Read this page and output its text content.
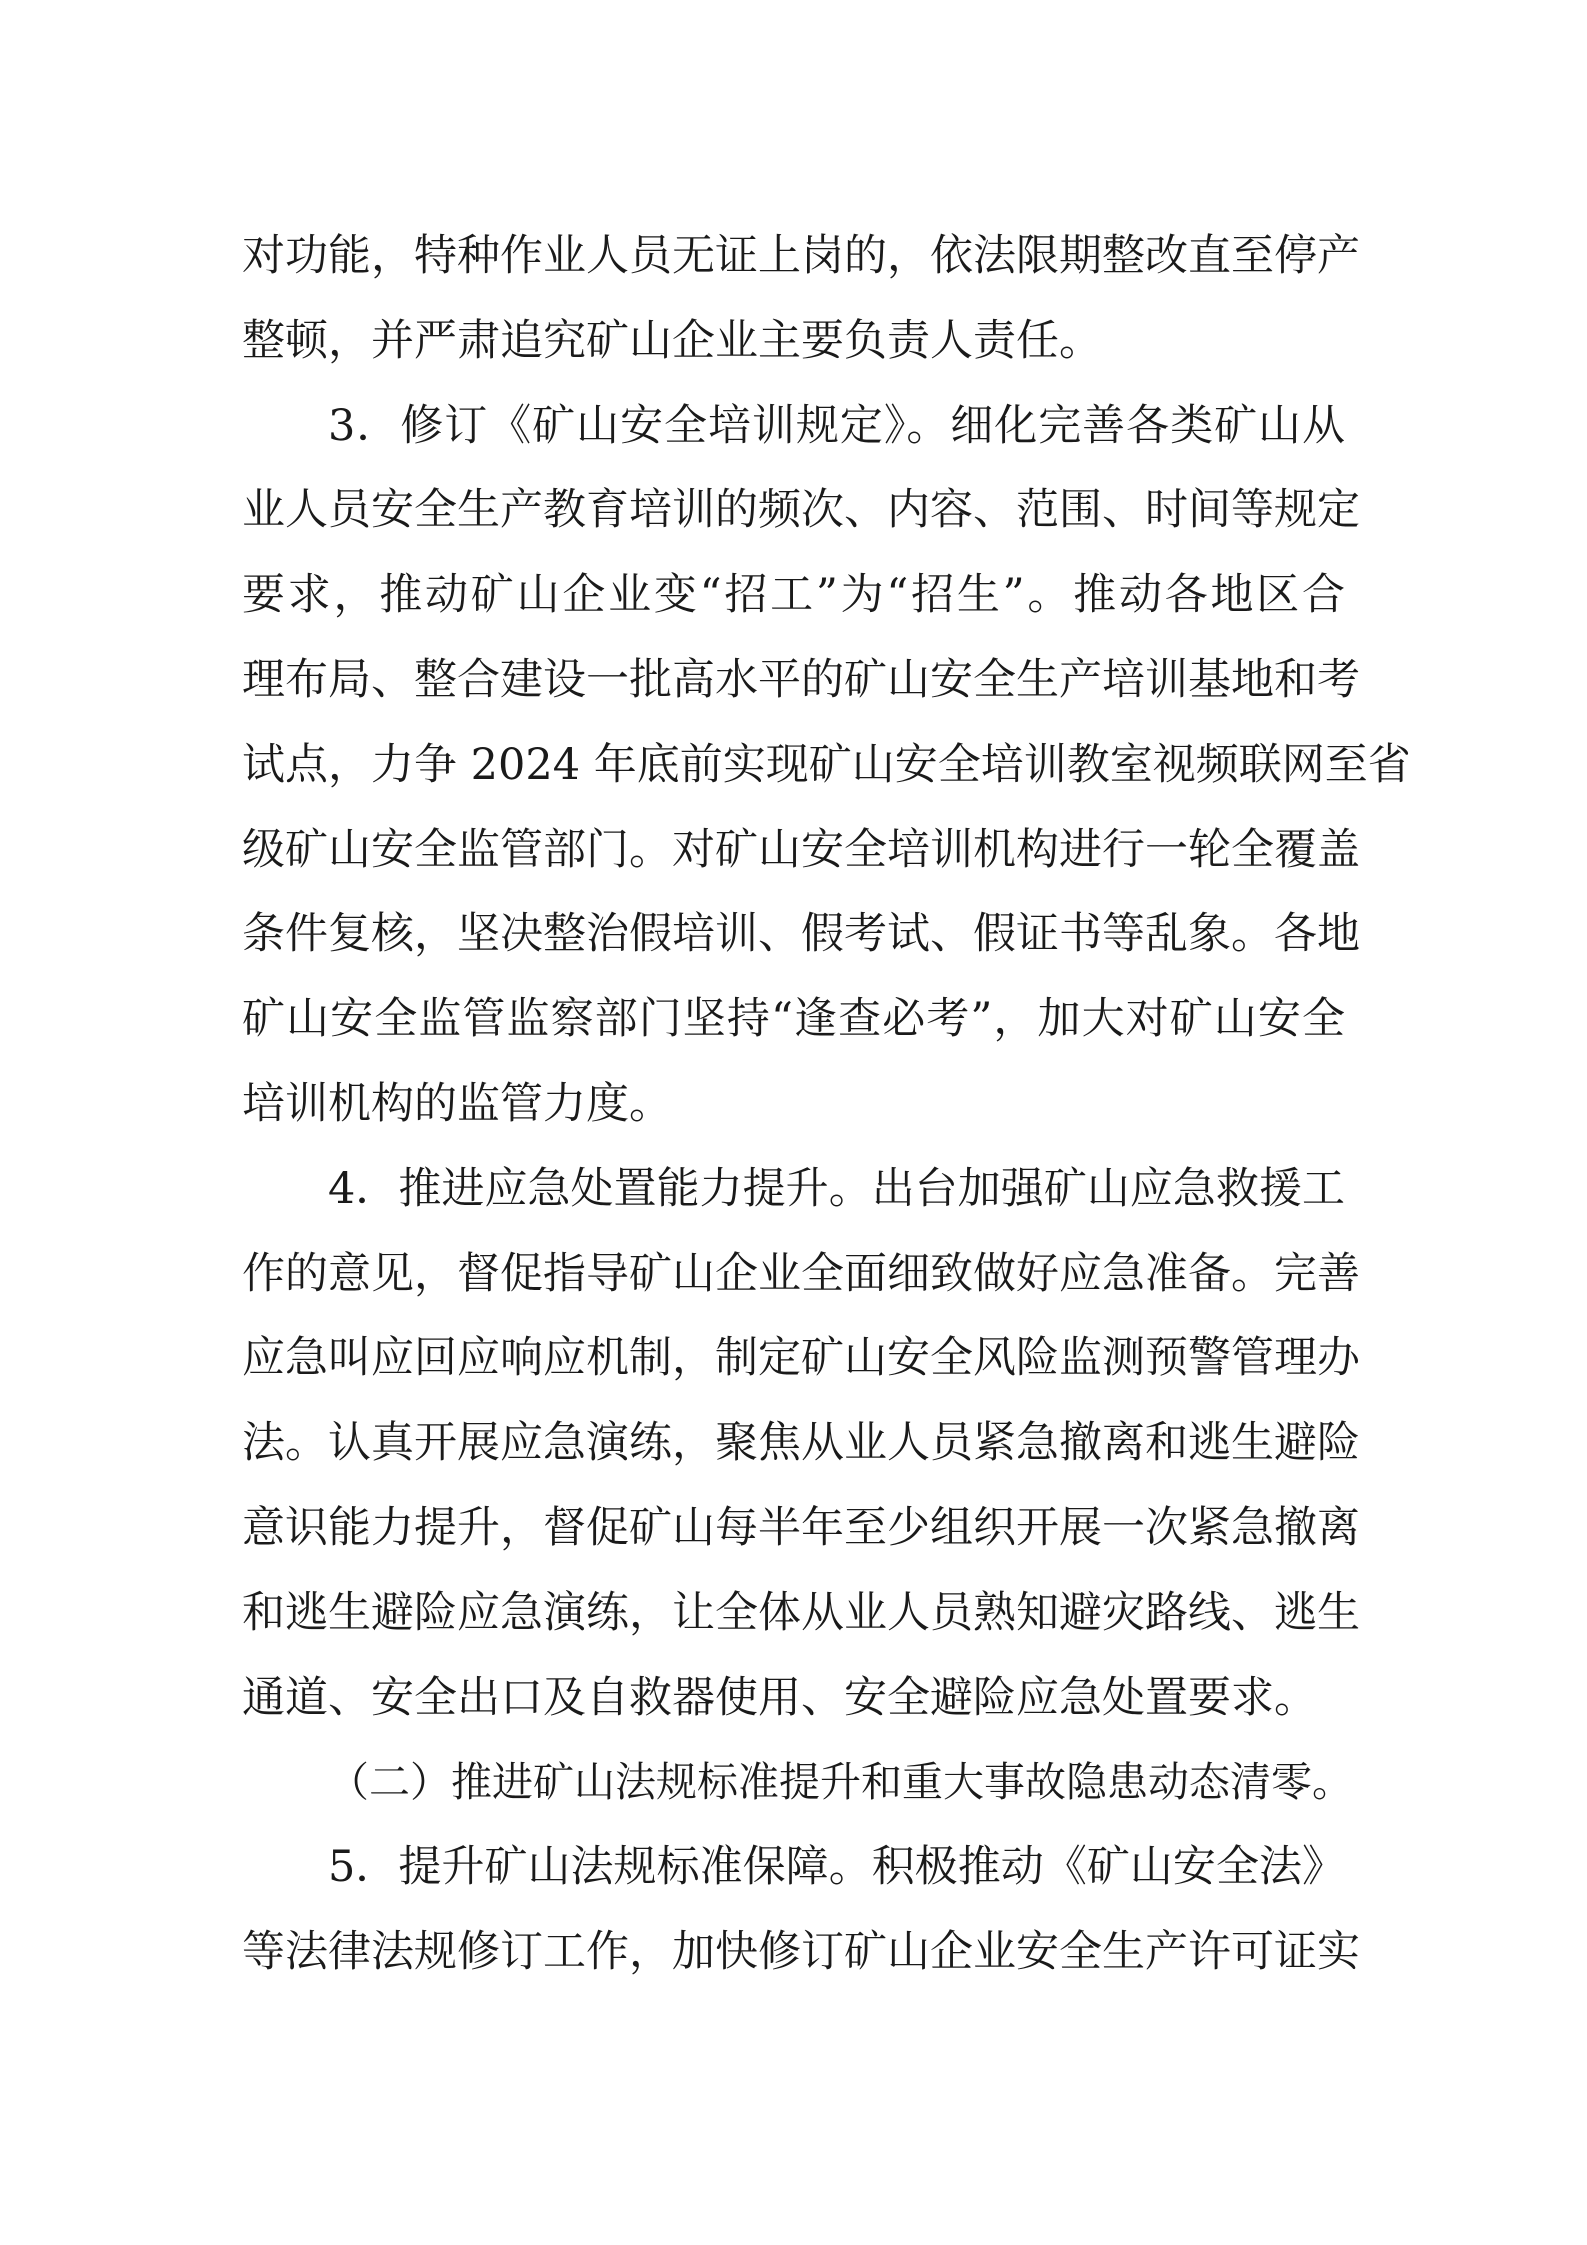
对功能，特种作业人员无证上岗的，依法限期整改直至停产
整顿，并严肃追究矿山企业主要负责人责任。
3．修订《矿山安全培训规定》。细化完善各类矿山从
业人员安全生产教育培训的频次、内容、范围、时间等规定
要求，推动矿山企业变“招工”为“招生”。推动各地区合
理布局、整合建设一批高水平的矿山安全生产培训基地和考
试点，力争 2024 年底前实现矿山安全培训教室视频联网至省
级矿山安全监管部门。对矿山安全培训机构进行一轮全覆盖
条件复核，坚决整治假培训、假考试、假证书等乱象。各地
矿山安全监管监察部门坚持“逢查必考”，加大对矿山安全
培训机构的监管力度。
4．推进应急处置能力提升。出台加强矿山应急救援工
作的意见，督促指导矿山企业全面细致做好应急准备。完善
应急叫应回应响应机制，制定矿山安全风险监测预警管理办
法。认真开展应急演练，聚焦从业人员紧急撤离和逃生避险
意识能力提升，督促矿山每半年至少组织开展一次紧急撤离
和逃生避险应急演练，让全体从业人员熟知避灾路线、逃生
通道、安全出口及自救器使用、安全避险应急处置要求。
（二）推进矿山法规标准提升和重大事故隐患动态清零。
5．提升矿山法规标准保障。积极推动《矿山安全法》
等法律法规修订工作，加快修订矿山企业安全生产许可证实
